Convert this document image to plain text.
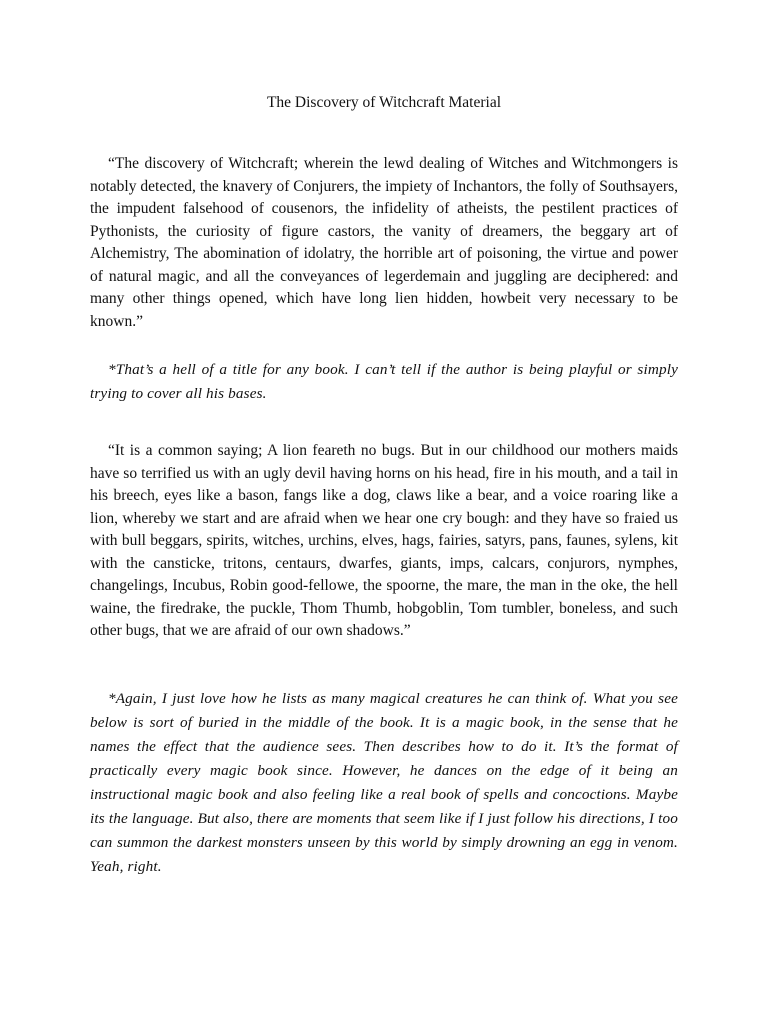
The Discovery of Witchcraft Material

“The discovery of Witchcraft; wherein the lewd dealing of Witches and Witchmongers is notably detected, the knavery of Conjurers, the impiety of Inchantors, the folly of Southsayers, the impudent falsehood of cousenors, the infidelity of atheists, the pestilent practices of Pythonists, the curiosity of figure castors, the vanity of dreamers, the beggary art of Alchemistry, The abomination of idolatry, the horrible art of poisoning, the virtue and power of natural magic, and all the conveyances of legerdemain and juggling are deciphered: and many other things opened, which have long lien hidden, howbeit very necessary to be known.”

*That’s a hell of a title for any book. I can’t tell if the author is being playful or simply trying to cover all his bases.

“It is a common saying; A lion feareth no bugs. But in our childhood our mothers maids have so terrified us with an ugly devil having horns on his head, fire in his mouth, and a tail in his breech, eyes like a bason, fangs like a dog, claws like a bear, and a voice roaring like a lion, whereby we start and are afraid when we hear one cry bough: and they have so fraied us with bull beggars, spirits, witches, urchins, elves, hags, fairies, satyrs, pans, faunes, sylens, kit with the cansticke, tritons, centaurs, dwarfes, giants, imps, calcars, conjurors, nymphes, changelings, Incubus, Robin good-fellowe, the spoorne, the mare, the man in the oke, the hell waine, the firedrake, the puckle, Thom Thumb, hobgoblin, Tom tumbler, boneless, and such other bugs, that we are afraid of our own shadows.”

*Again, I just love how he lists as many magical creatures he can think of. What you see below is sort of buried in the middle of the book. It is a magic book, in the sense that he names the effect that the audience sees. Then describes how to do it. It’s the format of practically every magic book since. However, he dances on the edge of it being an instructional magic book and also feeling like a real book of spells and concoctions. Maybe its the language. But also, there are moments that seem like if I just follow his directions, I too can summon the darkest monsters unseen by this world by simply drowning an egg in venom. Yeah, right.
